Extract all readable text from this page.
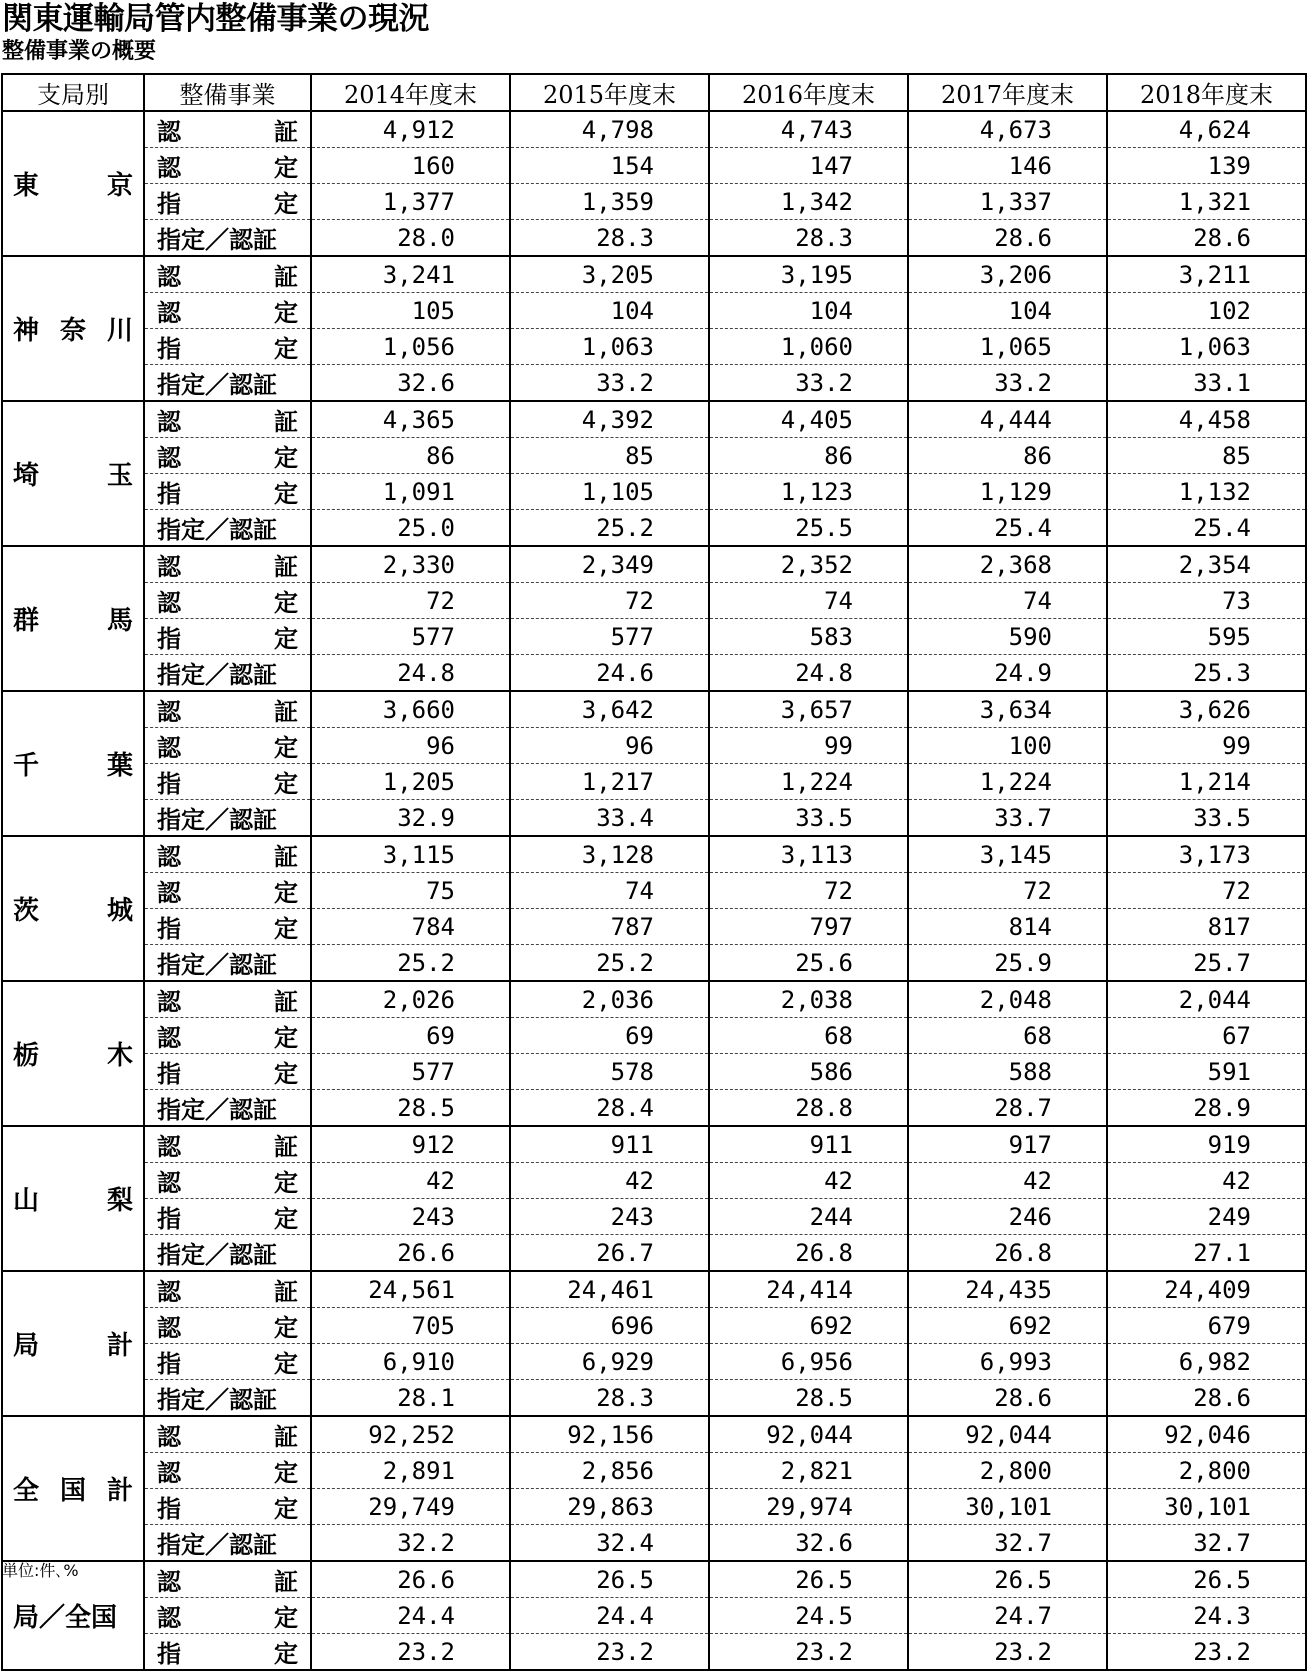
関東運輸局管内整備事業の現況
整備事業の概要
支局別	整備事業	2014年度末	2015年度末	2016年度末	2017年度末	2018年度末

東 京	認 証	4,912	4,798	4,743	4,673	4,624

	認 定	160	154	147	146	139

	指 定	1,377	1,359	1,342	1,337	1,321

	指定／認証	28.0	28.3	28.3	28.6	28.6

神 奈 川	認 証	3,241	3,205	3,195	3,206	3,211

	認 定	105	104	104	104	102

	指 定	1,056	1,063	1,060	1,065	1,063

	指定／認証	32.6	33.2	33.2	33.2	33.1

埼 玉	認 証	4,365	4,392	4,405	4,444	4,458

	認 定	86	85	86	86	85

	指 定	1,091	1,105	1,123	1,129	1,132

	指定／認証	25.0	25.2	25.5	25.4	25.4

群 馬	認 証	2,330	2,349	2,352	2,368	2,354

	認 定	72	72	74	74	73

	指 定	577	577	583	590	595

	指定／認証	24.8	24.6	24.8	24.9	25.3

千 葉	認 証	3,660	3,642	3,657	3,634	3,626

	認 定	96	96	99	100	99

	指 定	1,205	1,217	1,224	1,224	1,214

	指定／認証	32.9	33.4	33.5	33.7	33.5

茨 城	認 証	3,115	3,128	3,113	3,145	3,173

	認 定	75	74	72	72	72

	指 定	784	787	797	814	817

	指定／認証	25.2	25.2	25.6	25.9	25.7

栃 木	認 証	2,026	2,036	2,038	2,048	2,044

	認 定	69	69	68	68	67

	指 定	577	578	586	588	591

	指定／認証	28.5	28.4	28.8	28.7	28.9

山 梨	認 証	912	911	911	917	919

	認 定	42	42	42	42	42

	指 定	243	243	244	246	249

	指定／認証	26.6	26.7	26.8	26.8	27.1

局 計	認 証	24,561	24,461	24,414	24,435	24,409

	認 定	705	696	692	692	679

	指 定	6,910	6,929	6,956	6,993	6,982

	指定／認証	28.1	28.3	28.5	28.6	28.6

全 国 計	認 証	92,252	92,156	92,044	92,044	92,046

	認 定	2,891	2,856	2,821	2,800	2,800

	指 定	29,749	29,863	29,974	30,101	30,101

	指定／認証	32.2	32.4	32.6	32.7	32.7

局／全国	認 証	26.6	26.5	26.5	26.5	26.5

	認 定	24.4	24.4	24.5	24.7	24.3

	指 定	23.2	23.2	23.2	23.2	23.2
単位:件､%
